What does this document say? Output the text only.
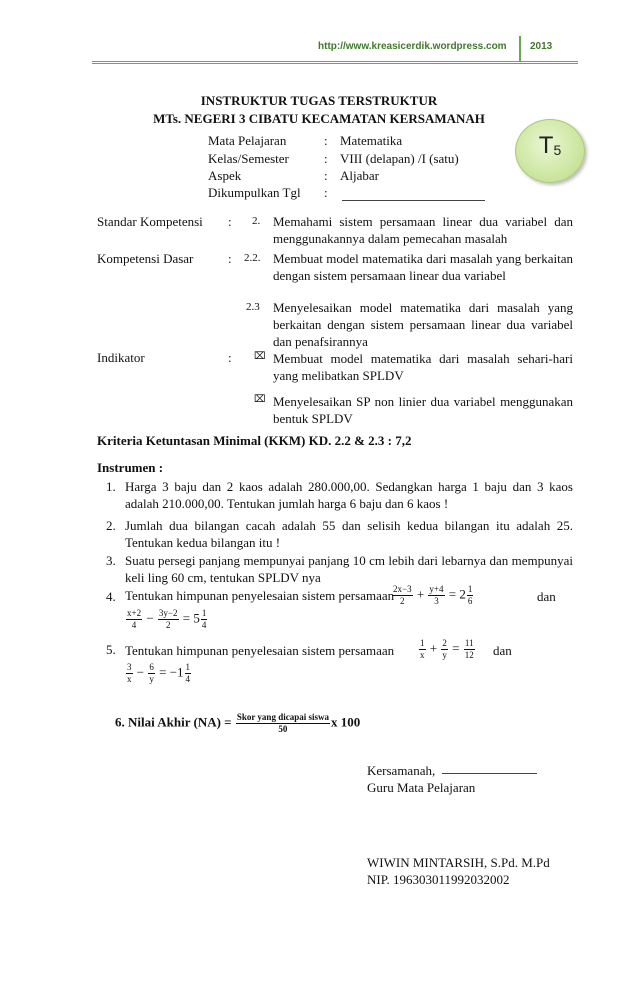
http://www.kreasicerdik.wordpress.com 2013
INSTRUKTUR TUGAS TERSTRUKTUR
MTs. NEGERI 3 CIBATU KECAMATAN KERSAMANAH
$T_5$
Mata Pelajaran	: Matematika
Kelas/Semester	: VIII (delapan) /I (satu)
Aspek	: Aljabar
Dikumpulkan Tgl :
Standar Kompetensi : 2. Memahami sistem persamaan linear dua variabel dan menggunakannya dalam pemecahan masalah
Kompetensi Dasar	: 2.2. Membuat model matematika dari masalah yang berkaitan dengan sistem persamaan linear dua variabel
2.3 Menyelesaikan model matematika dari masalah yang berkaitan dengan sistem persamaan linear dua variabel dan penafsirannya
Indikator	: ⌧ Membuat model matematika dari masalah sehari-hari yang melibatkan SPLDV
⌧ Menyelesaikan SP non linier dua variabel menggunakan bentuk SPLDV
Kriteria Ketuntasan Minimal (KKM) KD. 2.2 & 2.3 : 7,2
Instrumen :
1. Harga 3 baju dan 2 kaos adalah 280.000,00. Sedangkan harga 1 baju dan 3 kaos adalah 210.000,00. Tentukan jumlah harga 6 baju dan 6 kaos !
2. Jumlah dua bilangan cacah adalah 55 dan selisih kedua bilangan itu adalah 25. Tentukan kedua bilangan itu !
3. Suatu persegi panjang mempunyai panjang 10 cm lebih dari lebarnya dan mempunyai keli ling 60 cm, tentukan SPLDV nya
4. Tentukan himpunan penyelesaian sistem persamaan
$\frac{2x-3}{2} + \frac{y+4}{3} = 2 \frac{1}{6}$	dan
$\frac{x+2}{4} - \frac{3y-2}{2} = 5 \frac{1}{4}$
5. Tentukan himpunan penyelesaian sistem persamaan	$\frac{1}{x} + \frac{2}{y} = \frac{11}{12}$ dan
$\frac{3}{x} - \frac{6}{y} = -1 \frac{1}{4}$
6. Nilai Akhir $(NA) = \frac{\text{Skor yang dicapai siswa}}{50}$ x 100
Kersamanah,
Guru Mata Pelajaran
WIWIN MINTARSIH, S.Pd. M.Pd
NIP. 196303011992032002
